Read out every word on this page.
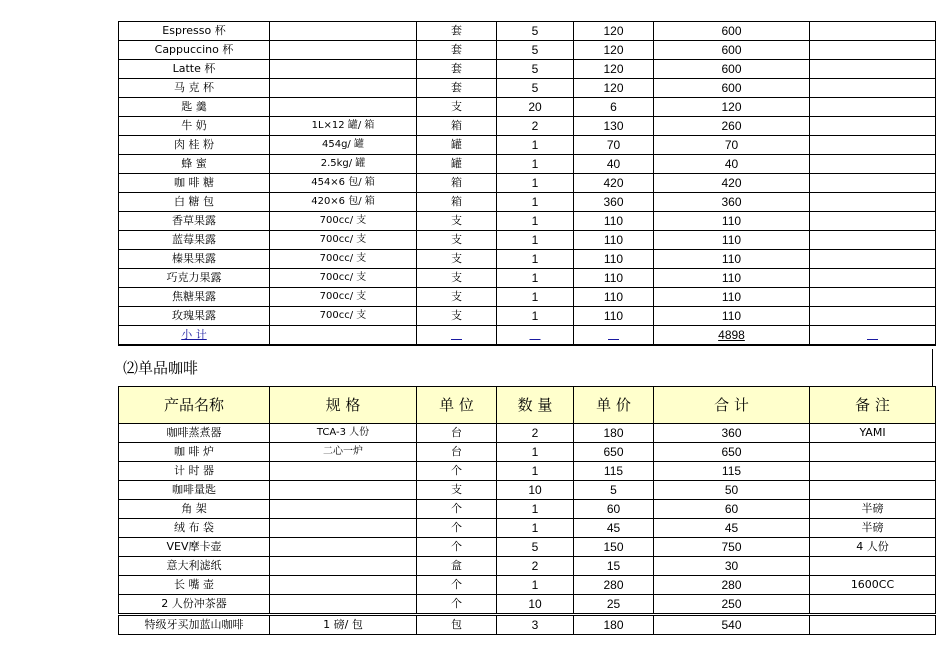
Espresso 杯		套	5	120	600	
Cappuccino 杯		套	5	120	600	
Latte 杯		套	5	120	600	
马 克 杯		套	5	120	600	
匙 羹		支	20	6	120	
牛 奶	1L×12 罐/ 箱	箱	2	130	260	
肉 桂 粉	454g/ 罐	罐	1	70	70	
蜂 蜜	2.5kg/ 罐	罐	1	40	40	
咖 啡 糖	454×6 包/ 箱	箱	1	420	420	
白 糖 包	420×6 包/ 箱	箱	1	360	360	
香草果露	700cc/ 支	支	1	110	110	
蓝莓果露	700cc/ 支	支	1	110	110	
榛果果露	700cc/ 支	支	1	110	110	
巧克力果露	700cc/ 支	支	1	110	110	
焦糖果露	700cc/ 支	支	1	110	110	
玫瑰果露	700cc/ 支	支	1	110	110	
小 计		＿	＿	＿	4898	＿
⑵单品咖啡
产品名称	规 格	单 位	数 量	单 价	合 计	备 注
咖啡蒸煮器	TCA-3 人份	台	2	180	360	YAMI
咖 啡 炉	二心一炉	台	1	650	650	
计 时 器		个	1	115	115	
咖啡量匙		支	10	5	50	
角 架		个	1	60	60	半磅
绒 布 袋		个	1	45	45	半磅
VEV摩卡壶		个	5	150	750	4 人份
意大利滤纸		盒	2	15	30	
长 嘴 壶		个	1	280	280	1600CC
2 人份冲茶器		个	10	25	250	
特级牙买加蓝山咖啡	1 磅/ 包	包	3	180	540	
